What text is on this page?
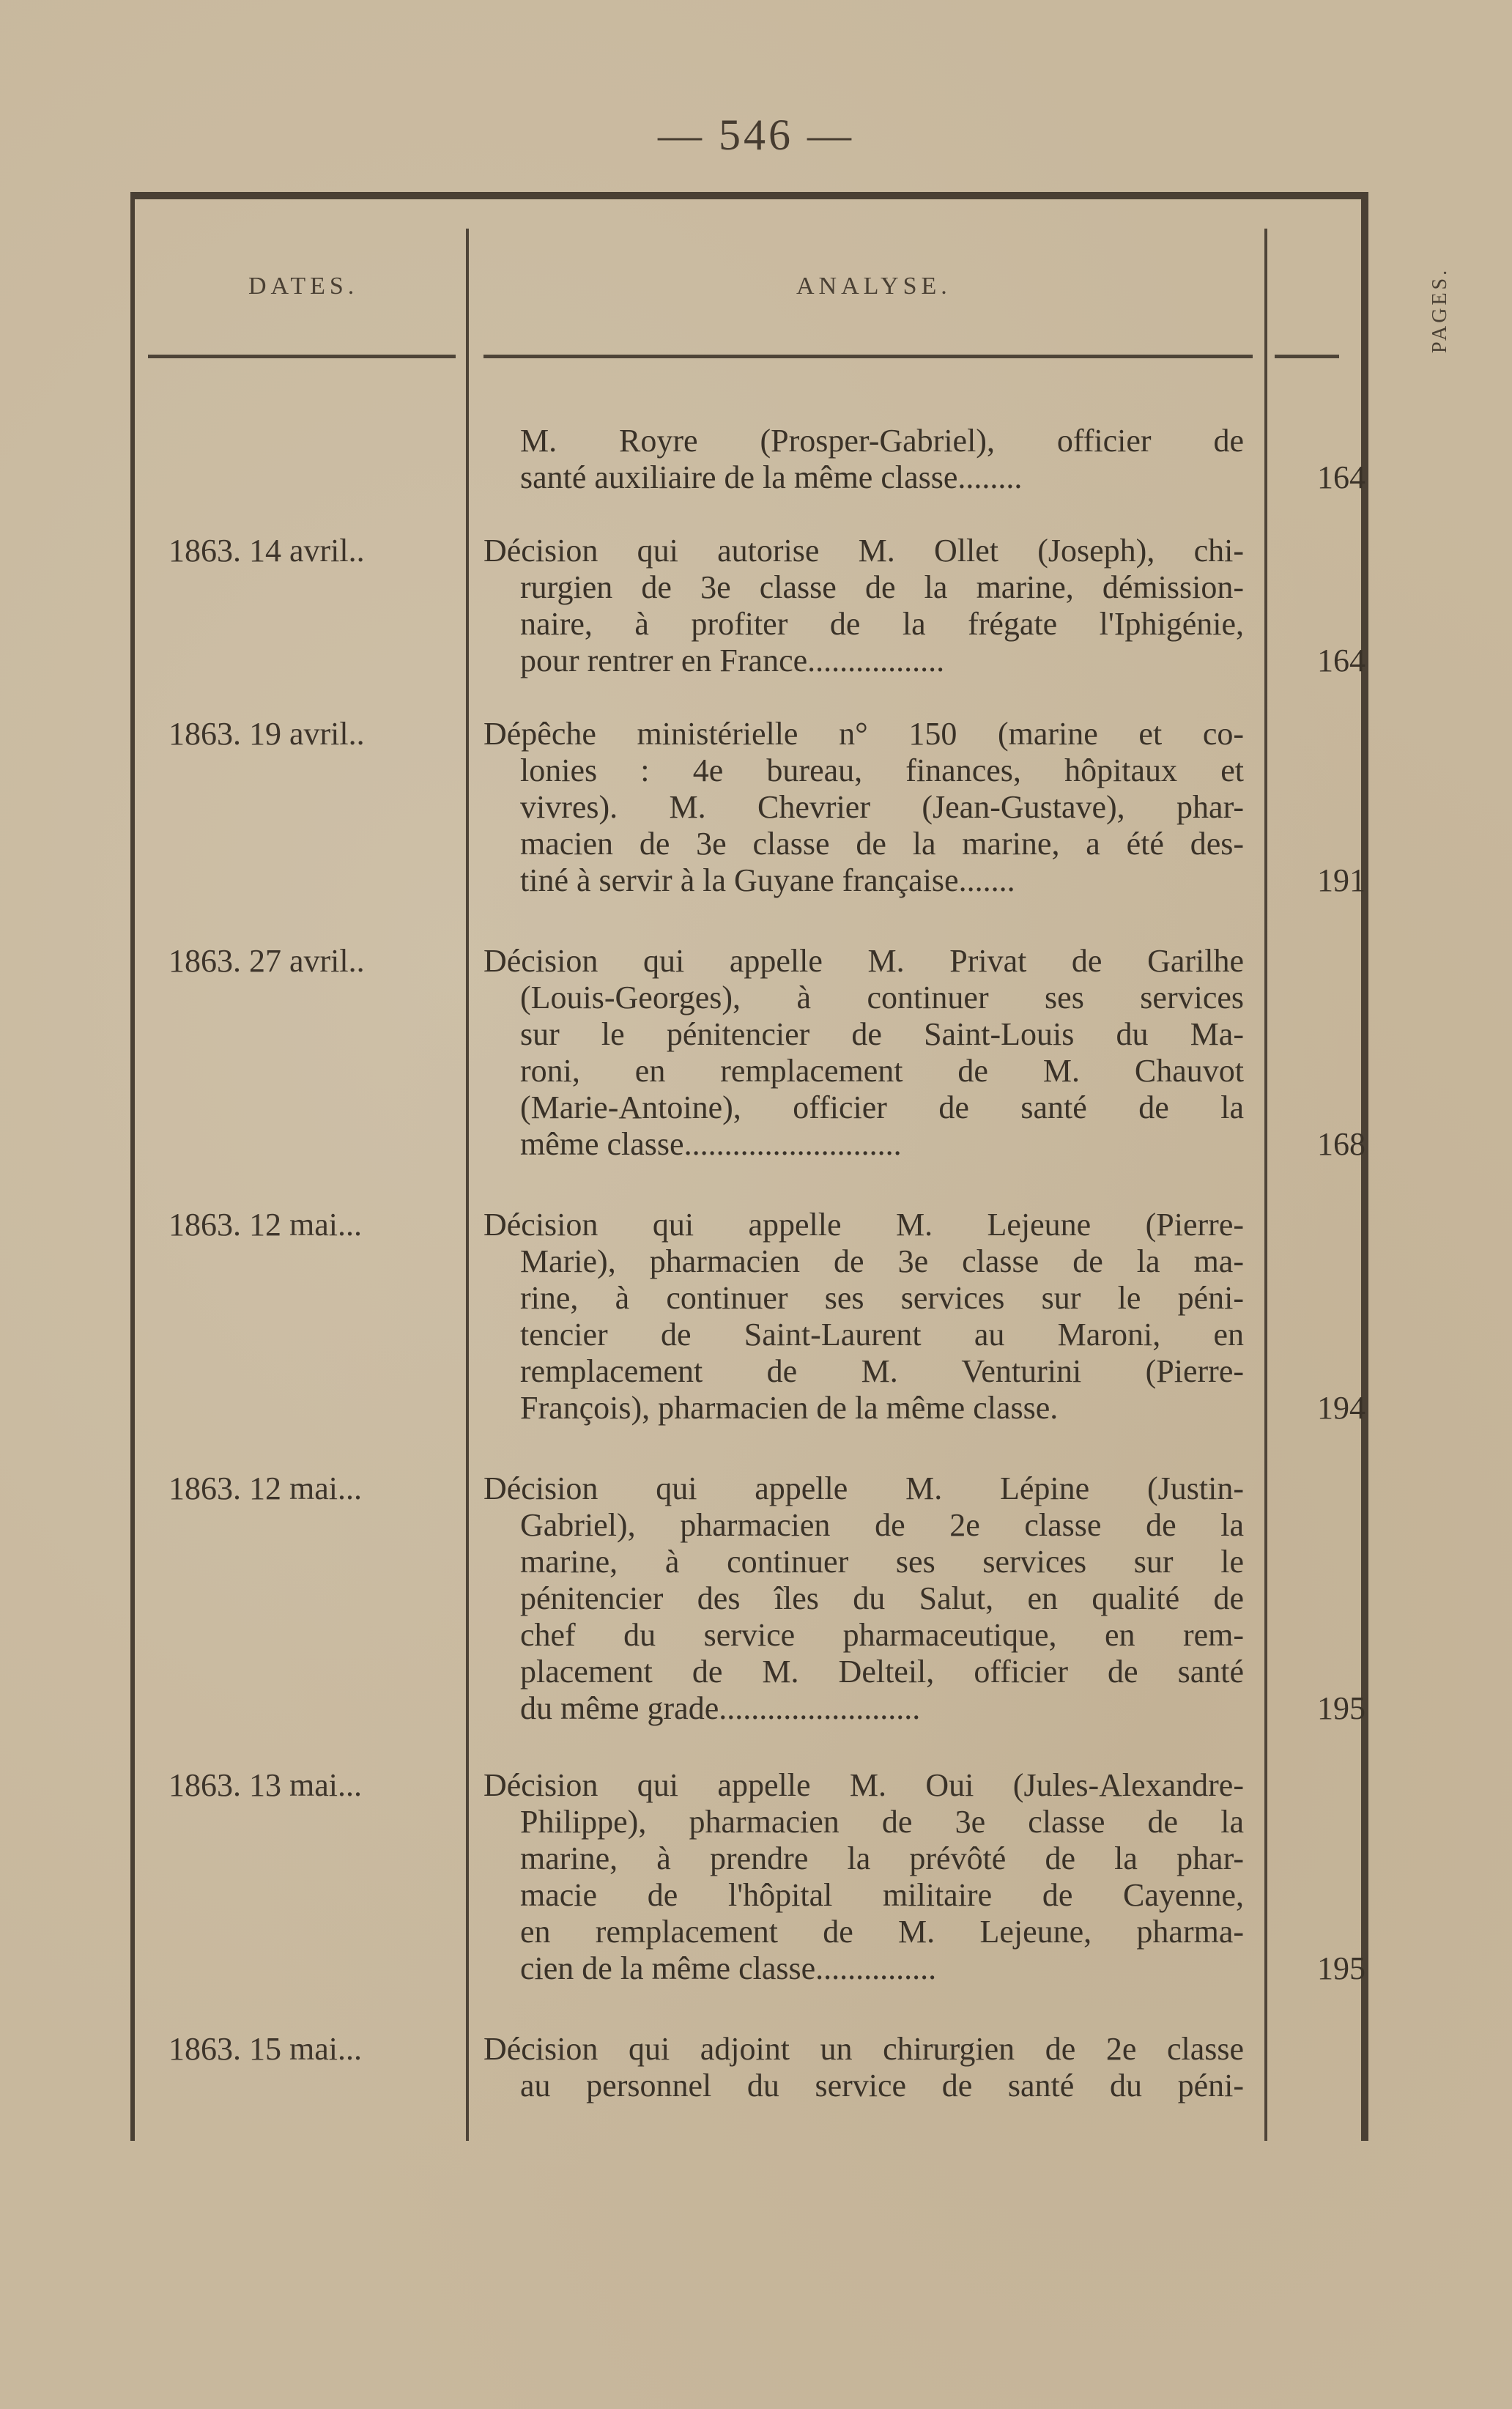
— 546 —
DATES.	ANALYSE.	PAGES.
M. Royre (Prosper-Gabriel), officier de
santé auxiliaire de la même classe........	164
1863. 14 avril..	Décision qui autorise M. Ollet (Joseph), chi-
rurgien de 3e classe de la marine, démission-
naire, à profiter de la frégate l'Iphigénie,
pour rentrer en France.................	164
1863. 19 avril..	Dépêche ministérielle n° 150 (marine et co-
lonies : 4e bureau, finances, hôpitaux et
vivres). M. Chevrier (Jean-Gustave), phar-
macien de 3e classe de la marine, a été des-
tiné à servir à la Guyane française.......	191
1863. 27 avril..	Décision qui appelle M. Privat de Garilhe
(Louis-Georges), à continuer ses services
sur le pénitencier de Saint-Louis du Ma-
roni, en remplacement de M. Chauvot
(Marie-Antoine), officier de santé de la
même classe...........................	168
1863. 12 mai...	Décision qui appelle M. Lejeune (Pierre-
Marie), pharmacien de 3e classe de la ma-
rine, à continuer ses services sur le péni-
tencier de Saint-Laurent au Maroni, en
remplacement de M. Venturini (Pierre-
François), pharmacien de la même classe.	194
1863. 12 mai...	Décision qui appelle M. Lépine (Justin-
Gabriel), pharmacien de 2e classe de la
marine, à continuer ses services sur le
pénitencier des îles du Salut, en qualité de
chef du service pharmaceutique, en rem-
placement de M. Delteil, officier de santé
du même grade.........................	195
1863. 13 mai...	Décision qui appelle M. Oui (Jules-Alexandre-
Philippe), pharmacien de 3e classe de la
marine, à prendre la prévôté de la phar-
macie de l'hôpital militaire de Cayenne,
en remplacement de M. Lejeune, pharma-
cien de la même classe...............	195
1863. 15 mai...	Décision qui adjoint un chirurgien de 2e classe
au personnel du service de santé du péni-
